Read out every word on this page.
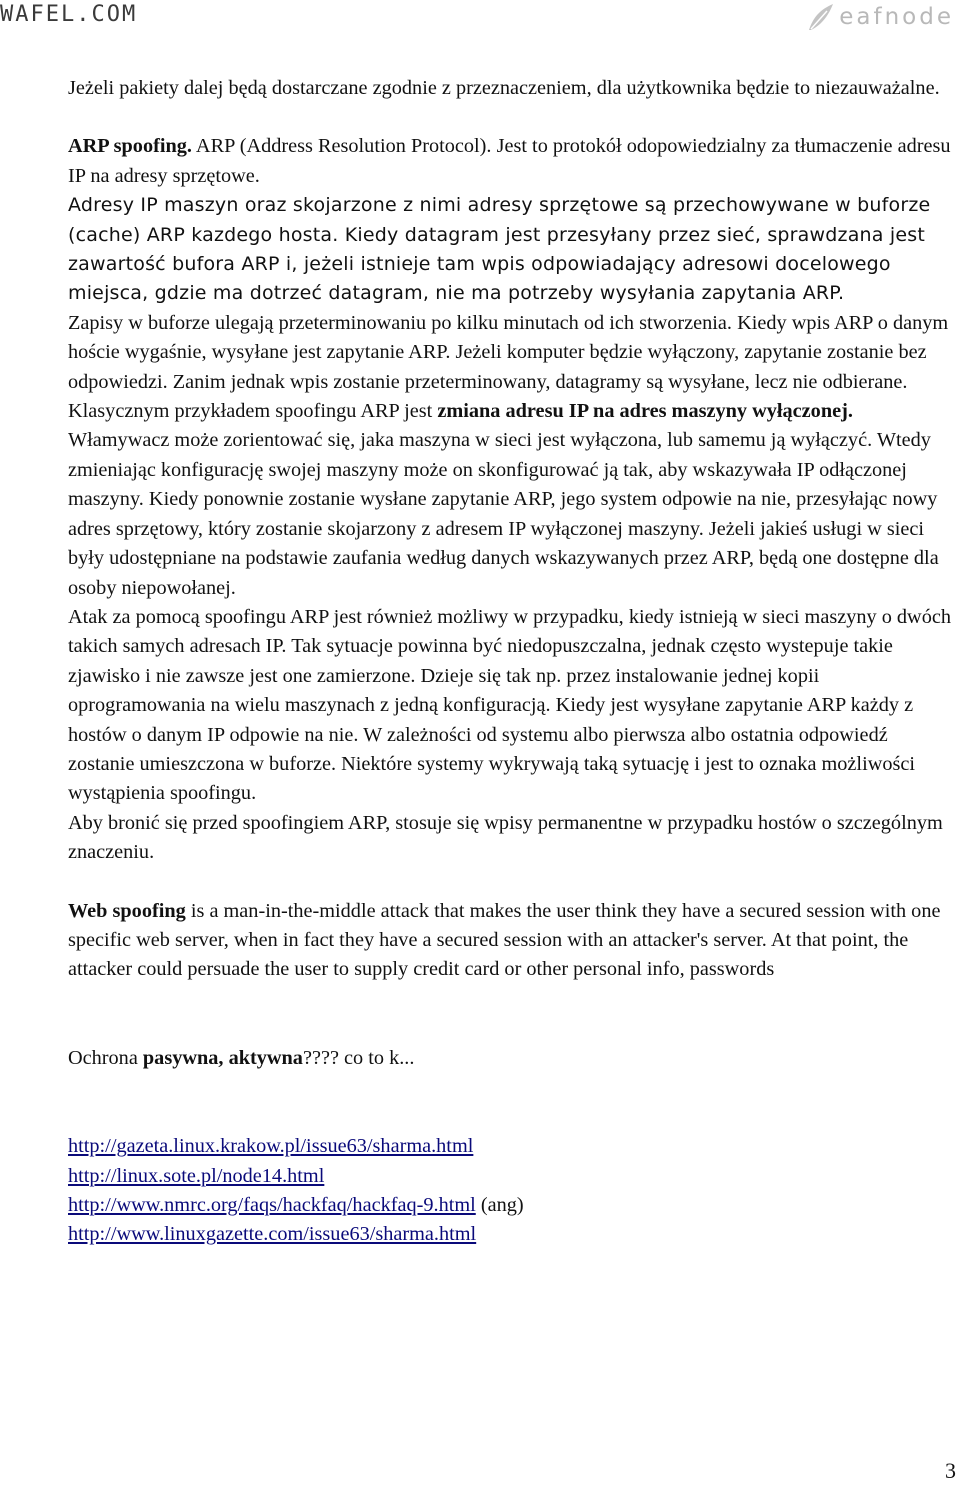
WAFEL.COM	eafnode

Jeżeli pakiety dalej będą dostarczane zgodnie z przeznaczeniem, dla użytkownika będzie to niezauważalne.

ARP spoofing. ARP (Address Resolution Protocol). Jest to protokół odopowiedzialny za tłumaczenie adresu IP na adresy sprzętowe.

Adresy IP maszyn oraz skojarzone z nimi adresy sprzętowe są przechowywane w buforze (cache) ARP kazdego hosta. Kiedy datagram jest przesyłany przez sieć, sprawdzana jest zawartość bufora ARP i, jeżeli istnieje tam wpis odpowiadający adresowi docelowego miejsca, gdzie ma dotrzeć datagram, nie ma potrzeby wysyłania zapytania ARP.

Zapisy w buforze ulegają przeterminowaniu po kilku minutach od ich stworzenia. Kiedy wpis ARP o danym hoście wygaśnie, wysyłane jest zapytanie ARP. Jeżeli komputer będzie wyłączony, zapytanie zostanie bez odpowiedzi. Zanim jednak wpis zostanie przeterminowany, datagramy są wysyłane, lecz nie odbierane. Klasycznym przykładem spoofingu ARP jest zmiana adresu IP na adres maszyny wyłączonej. Włamywacz może zorientować się, jaka maszyna w sieci jest wyłączona, lub samemu ją wyłączyć. Wtedy zmieniając konfigurację swojej maszyny może on skonfigurować ją tak, aby wskazywała IP odłączonej maszyny. Kiedy ponownie zostanie wysłane zapytanie ARP, jego system odpowie na nie, przesyłając nowy adres sprzętowy, który zostanie skojarzony z adresem IP wyłączonej maszyny. Jeżeli jakieś usługi w sieci były udostępniane na podstawie zaufania według danych wskazywanych przez ARP, będą one dostępne dla osoby niepowołanej.

Atak za pomocą spoofingu ARP jest również możliwy w przypadku, kiedy istnieją w sieci maszyny o dwóch takich samych adresach IP. Tak sytuacje powinna być niedopuszczalna, jednak często wystepuje takie zjawisko i nie zawsze jest one zamierzone. Dzieje się tak np. przez instalowanie jednej kopii oprogramowania na wielu maszynach z jedną konfiguracją. Kiedy jest wysyłane zapytanie ARP każdy z hostów o danym IP odpowie na nie. W zależności od systemu albo pierwsza albo ostatnia odpowiedź zostanie umieszczona w buforze. Niektóre systemy wykrywają taką sytuację i jest to oznaka możliwości wystąpienia spoofingu.

Aby bronić się przed spoofingiem ARP, stosuje się wpisy permanentne w przypadku hostów o szczególnym znaczeniu.

Web spoofing is a man-in-the-middle attack that makes the user think they have a secured session with one specific web server, when in fact they have a secured session with an attacker's server. At that point, the attacker could persuade the user to supply credit card or other personal info, passwords

Ochrona pasywna, aktywna???? co to k...

http://gazeta.linux.krakow.pl/issue63/sharma.html
http://linux.sote.pl/node14.html
http://www.nmrc.org/faqs/hackfaq/hackfaq-9.html (ang)
http://www.linuxgazette.com/issue63/sharma.html
3
